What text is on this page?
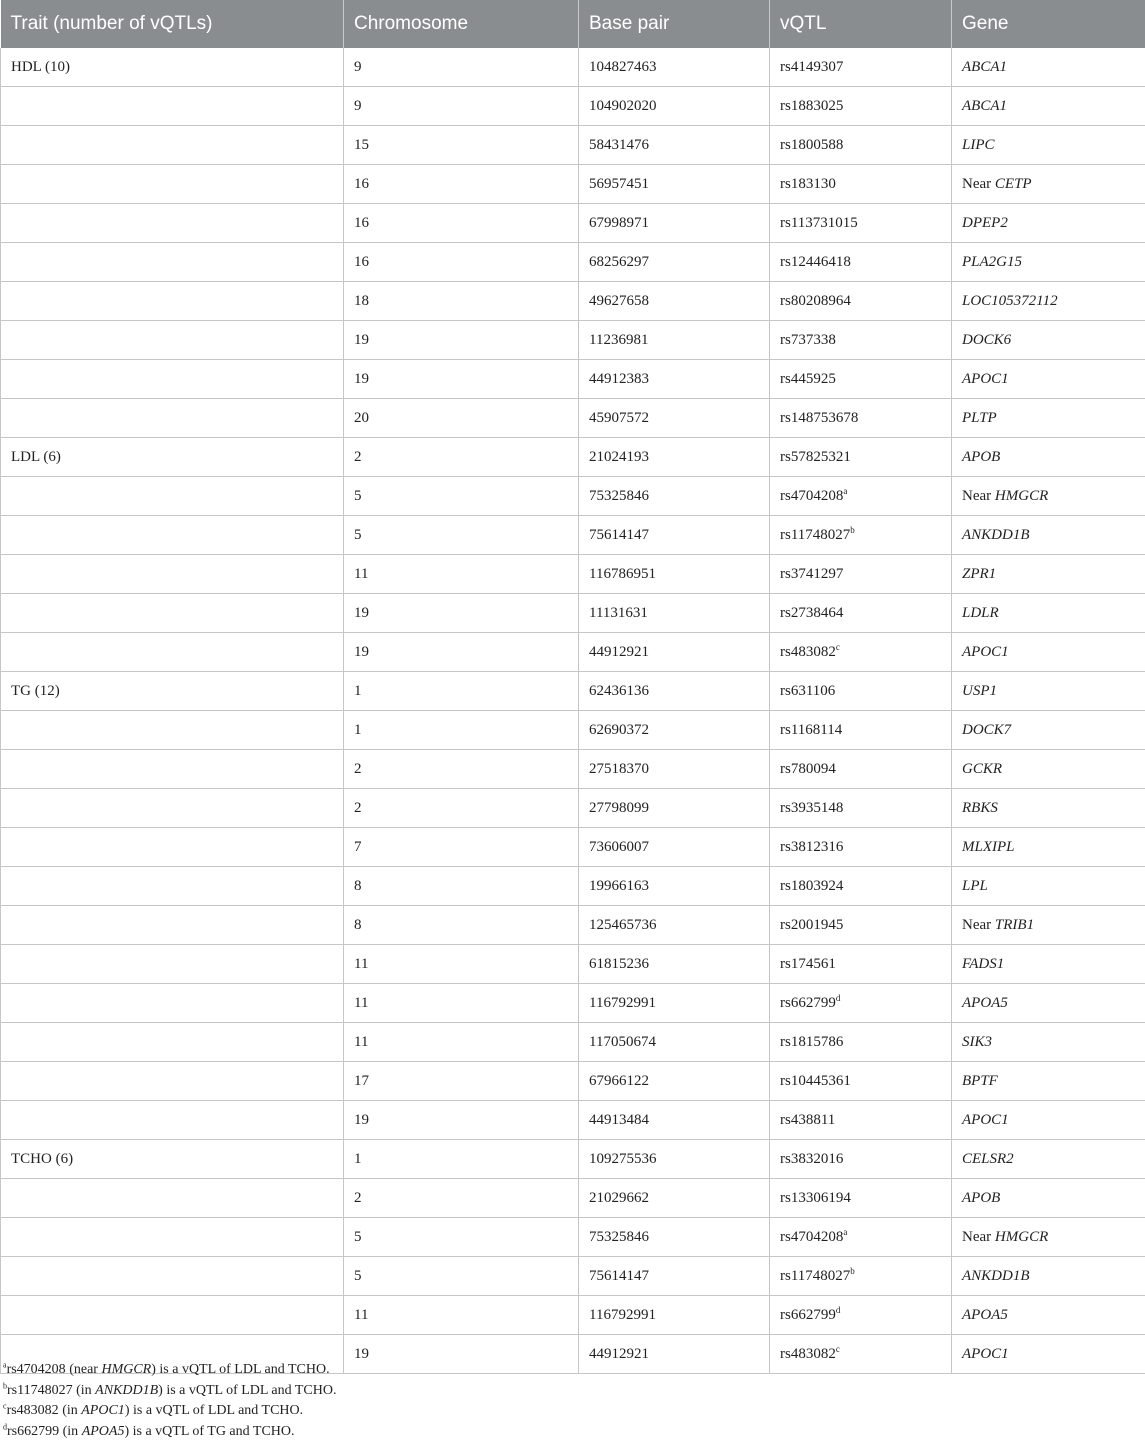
Trait (number of vQTLs)	Chromosome	Base pair	vQTL	Gene
HDL (10)	9	104827463	rs4149307	ABCA1
	9	104902020	rs1883025	ABCA1
	15	58431476	rs1800588	LIPC
	16	56957451	rs183130	Near CETP
	16	67998971	rs113731015	DPEP2
	16	68256297	rs12446418	PLA2G15
	18	49627658	rs80208964	LOC105372112
	19	11236981	rs737338	DOCK6
	19	44912383	rs445925	APOC1
	20	45907572	rs148753678	PLTP
LDL (6)	2	21024193	rs57825321	APOB
	5	75325846	rs4704208$^a$	Near HMGCR
	5	75614147	rs11748027$^b$	ANKDD1B
	11	116786951	rs3741297	ZPR1
	19	11131631	rs2738464	LDLR
	19	44912921	rs483082$^c$	APOC1
TG (12)	1	62436136	rs631106	USP1
	1	62690372	rs1168114	DOCK7
	2	27518370	rs780094	GCKR
	2	27798099	rs3935148	RBKS
	7	73606007	rs3812316	MLXIPL
	8	19966163	rs1803924	LPL
	8	125465736	rs2001945	Near TRIB1
	11	61815236	rs174561	FADS1
	11	116792991	rs662799$^d$	APOA5
	11	117050674	rs1815786	SIK3
	17	67966122	rs10445361	BPTF
	19	44913484	rs438811	APOC1
TCHO (6)	1	109275536	rs3832016	CELSR2
	2	21029662	rs13306194	APOB
	5	75325846	rs4704208$^a$	Near HMGCR
	5	75614147	rs11748027$^b$	ANKDD1B
	11	116792991	rs662799$^d$	APOA5
	19	44912921	rs483082$^c$	APOC1
$^a$rs4704208 (near HMGCR) is a vQTL of LDL and TCHO.
$^b$rs11748027 (in ANKDD1B) is a vQTL of LDL and TCHO.
$^c$rs483082 (in APOC1) is a vQTL of LDL and TCHO.
$^d$rs662799 (in APOA5) is a vQTL of TG and TCHO.
